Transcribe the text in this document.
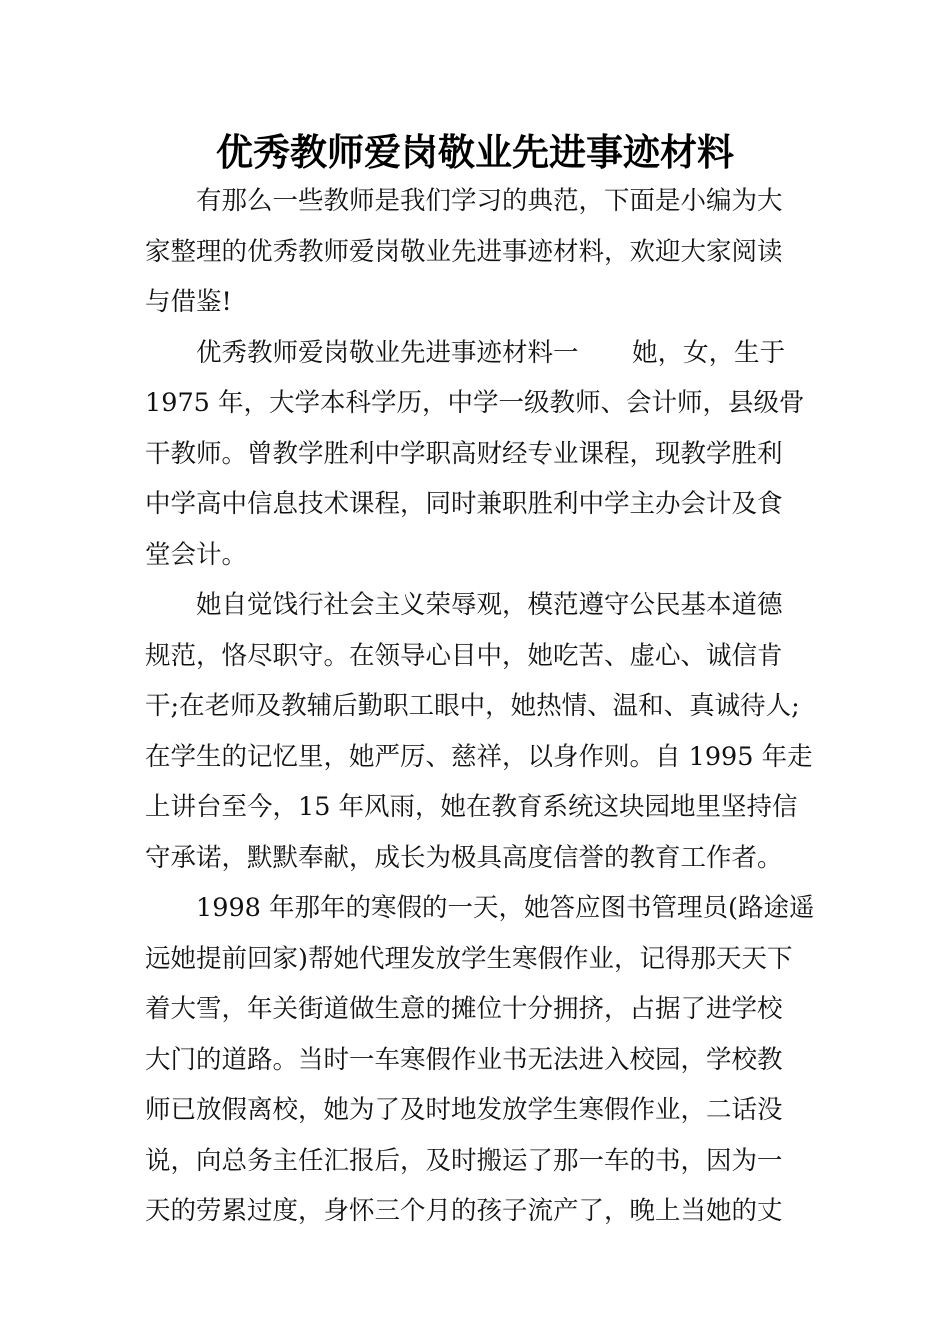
优秀教师爱岗敬业先进事迹材料

有那么一些教师是我们学习的典范，下面是小编为大
家整理的优秀教师爱岗敬业先进事迹材料，欢迎大家阅读
与借鉴!

优秀教师爱岗敬业先进事迹材料一 她，女，生于
1975 年，大学本科学历，中学一级教师、会计师，县级骨
干教师。曾教学胜利中学职高财经专业课程，现教学胜利
中学高中信息技术课程，同时兼职胜利中学主办会计及食
堂会计。

她自觉饯行社会主义荣辱观，模范遵守公民基本道德
规范，恪尽职守。在领导心目中，她吃苦、虚心、诚信肯
干;在老师及教辅后勤职工眼中，她热情、温和、真诚待人;
在学生的记忆里，她严厉、慈祥，以身作则。自 1995 年走
上讲台至今，15 年风雨，她在教育系统这块园地里坚持信
守承诺，默默奉献，成长为极具高度信誉的教育工作者。

1998 年那年的寒假的一天，她答应图书管理员(路途遥
远她提前回家)帮她代理发放学生寒假作业，记得那天天下
着大雪，年关街道做生意的摊位十分拥挤，占据了进学校
大门的道路。当时一车寒假作业书无法进入校园，学校教
师已放假离校，她为了及时地发放学生寒假作业，二话没
说，向总务主任汇报后，及时搬运了那一车的书，因为一
天的劳累过度，身怀三个月的孩子流产了，晚上当她的丈
